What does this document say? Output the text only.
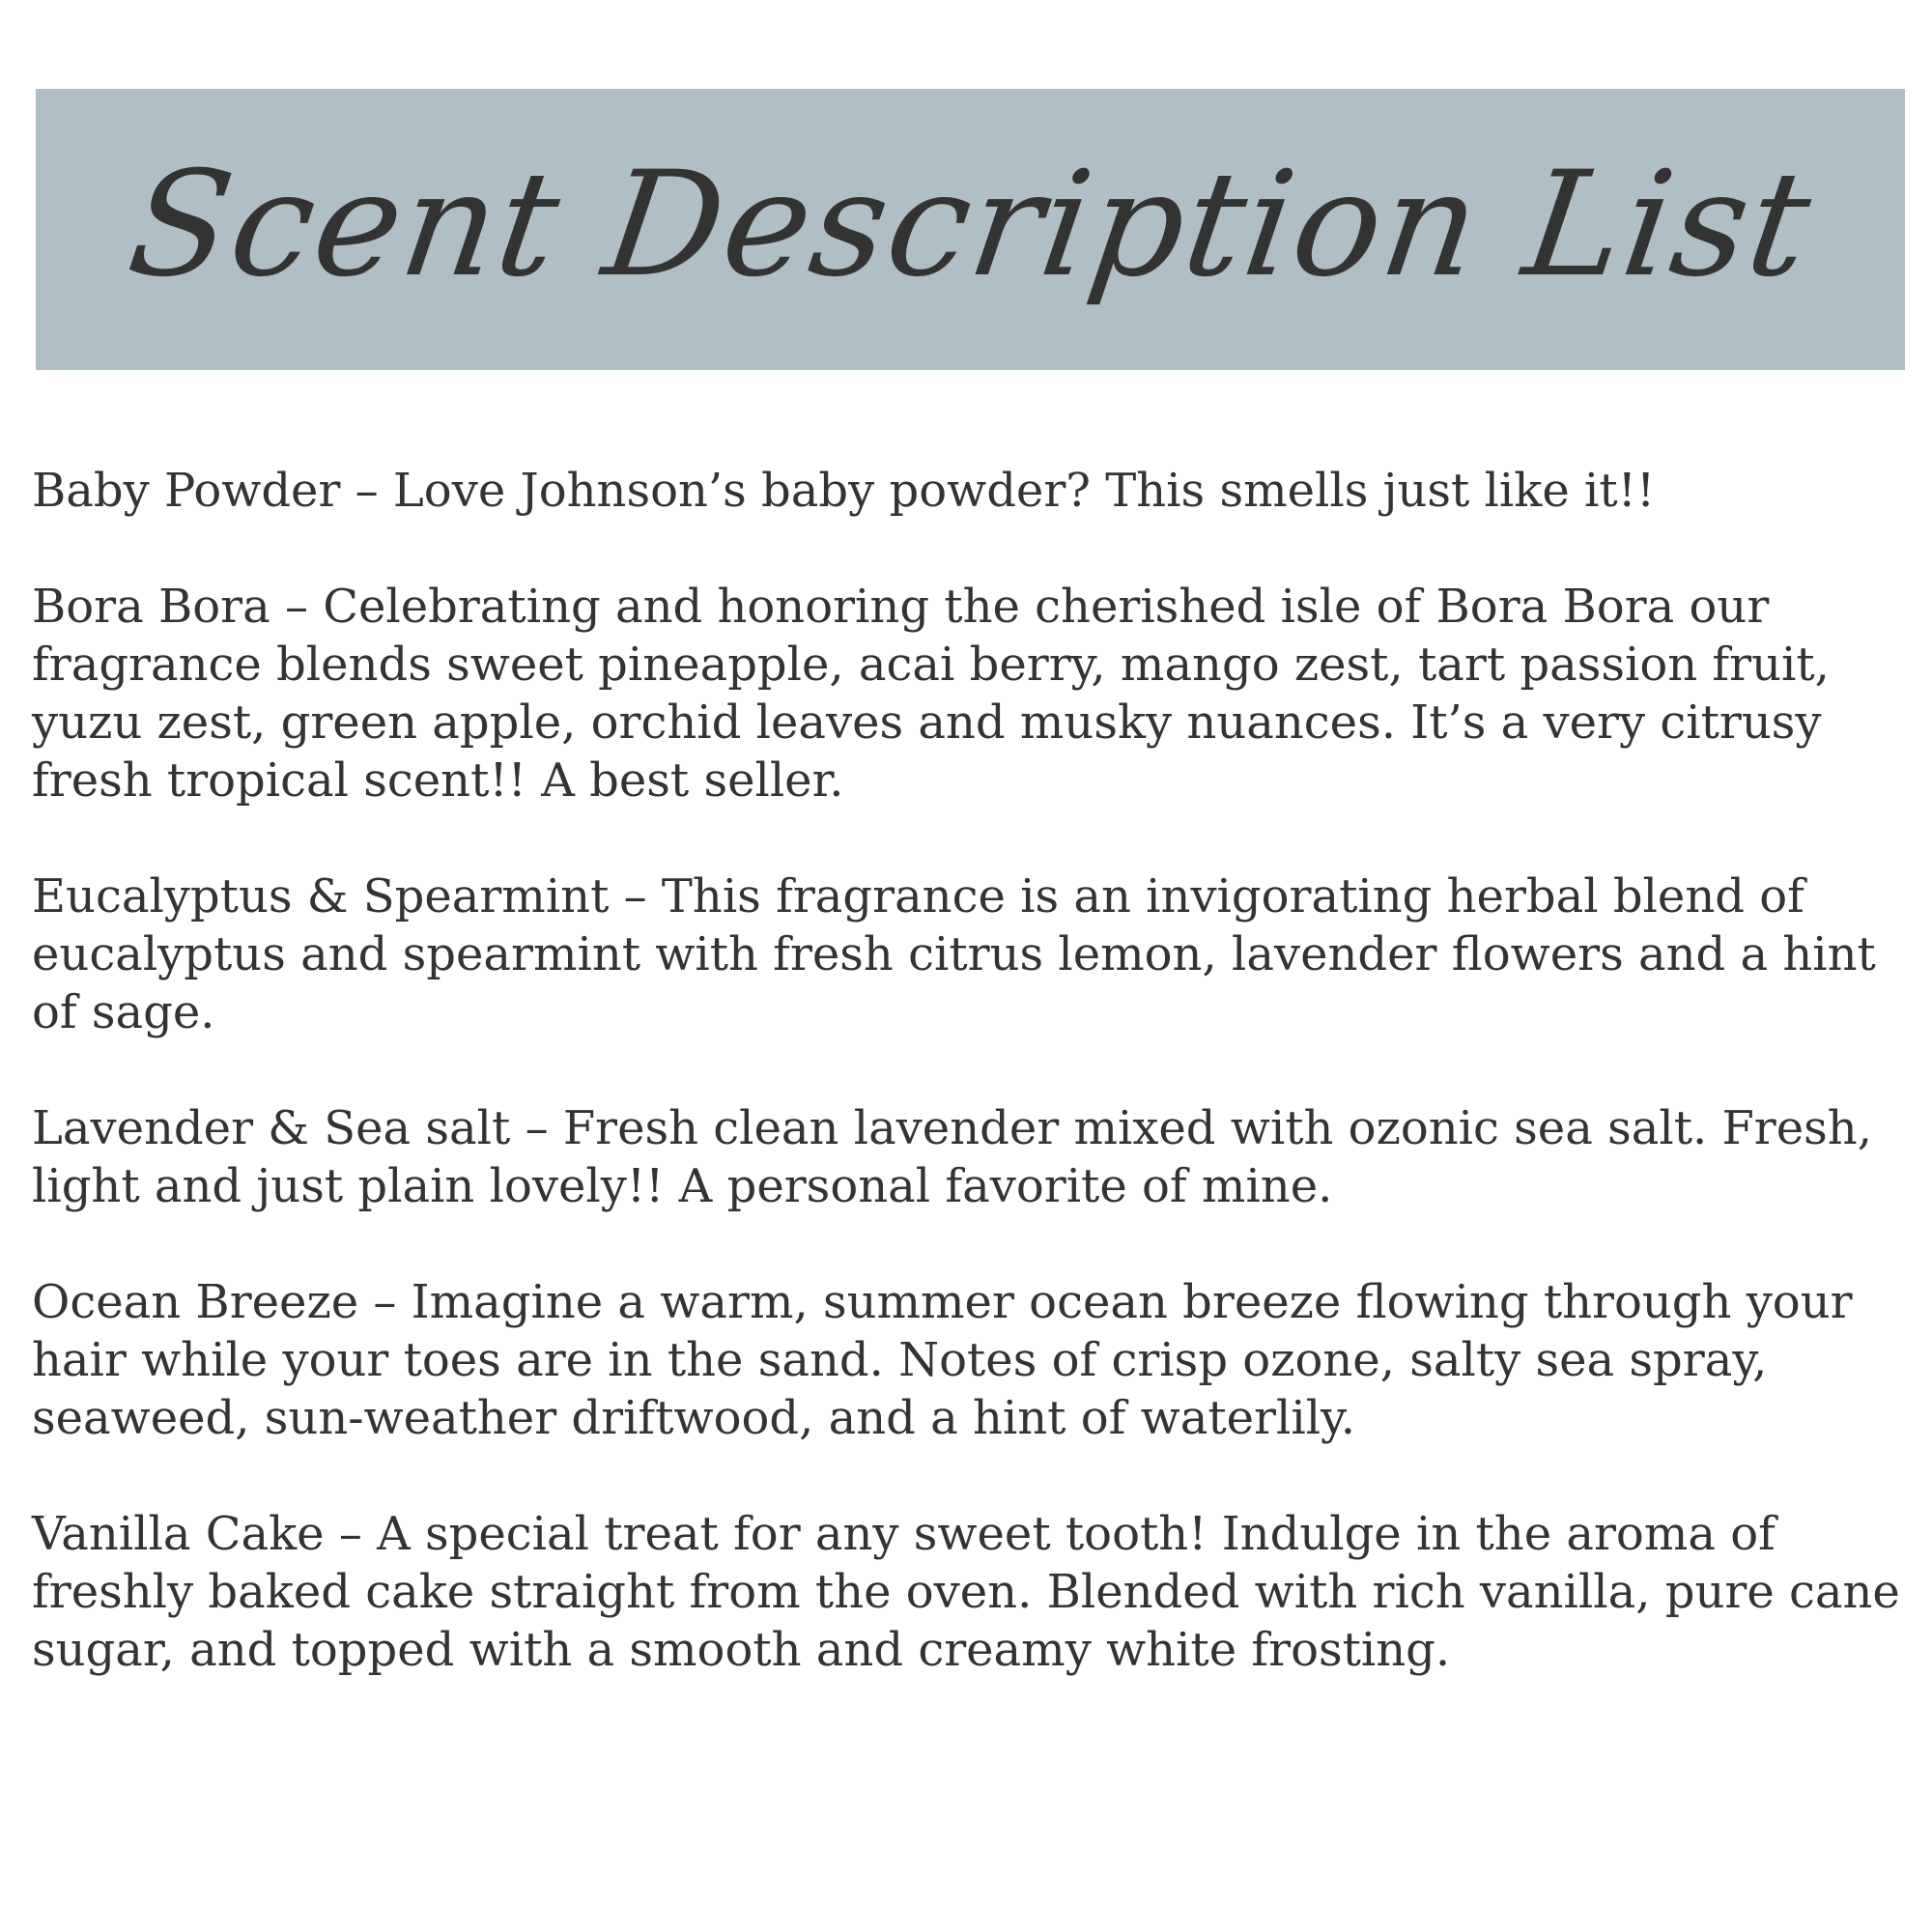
Scent Description List
Baby Powder – Love Johnson’s baby powder? This smells just like it!!
Bora Bora – Celebrating and honoring the cherished isle of Bora Bora our fragrance blends sweet pineapple, acai berry, mango zest, tart passion fruit, yuzu zest, green apple, orchid leaves and musky nuances. It’s a very citrusy fresh tropical scent!! A best seller.
Eucalyptus & Spearmint – This fragrance is an invigorating herbal blend of eucalyptus and spearmint with fresh citrus lemon, lavender flowers and a hint of sage.
Lavender & Sea salt – Fresh clean lavender mixed with ozonic sea salt. Fresh, light and just plain lovely!! A personal favorite of mine.
Ocean Breeze – Imagine a warm, summer ocean breeze flowing through your hair while your toes are in the sand. Notes of crisp ozone, salty sea spray, seaweed, sun-weather driftwood, and a hint of waterlily.
Vanilla Cake – A special treat for any sweet tooth! Indulge in the aroma of freshly baked cake straight from the oven. Blended with rich vanilla, pure cane sugar, and topped with a smooth and creamy white frosting.
